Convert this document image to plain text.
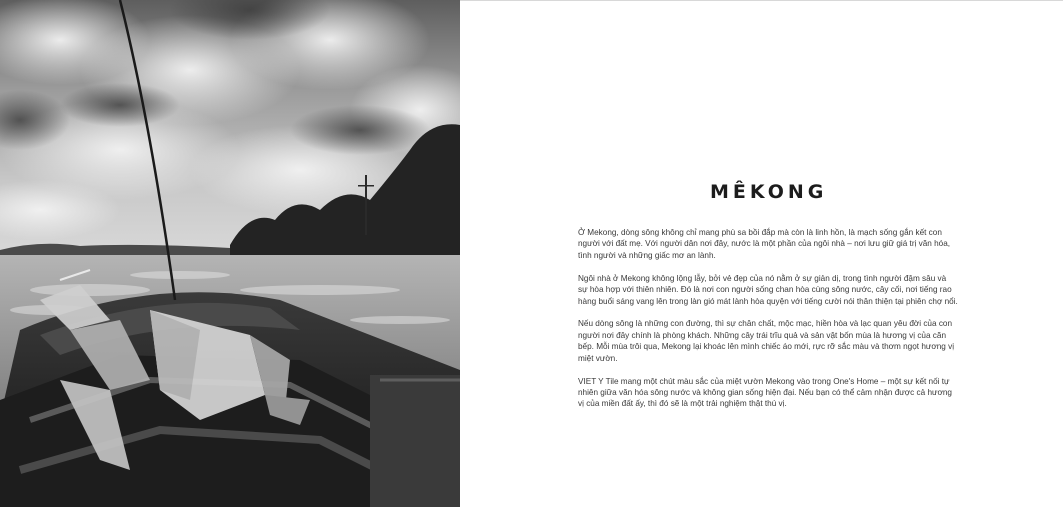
MÊKONG

Ở Mekong, dòng sông không chỉ mang phù sa bồi đắp mà còn là linh hồn, là mạch sống gắn kết con người với đất mẹ. Với người dân nơi đây, nước là một phần của ngôi nhà – nơi lưu giữ giá trị văn hóa, tình người và những giấc mơ an lành.

Ngôi nhà ở Mekong không lộng lẫy, bởi vẻ đẹp của nó nằm ở sự giản dị, trong tình người đậm sâu và sự hòa hợp với thiên nhiên. Đó là nơi con người sống chan hòa cùng sông nước, cây cối, nơi tiếng rao hàng buổi sáng vang lên trong làn gió mát lành hòa quyện với tiếng cười nói thân thiện tại phiên chợ nổi.

Nếu dòng sông là những con đường, thì sự chân chất, mộc mạc, hiền hòa và lạc quan yêu đời của con người nơi đây chính là phòng khách. Những cây trái trĩu quả và sản vật bốn mùa là hương vị của căn bếp. Mỗi mùa trôi qua, Mekong lại khoác lên mình chiếc áo mới, rực rỡ sắc màu và thơm ngọt hương vị miệt vườn.

VIET Y Tile mang một chút màu sắc của miệt vườn Mekong vào trong One's Home – một sự kết nối tự nhiên giữa văn hóa sông nước và không gian sống hiện đại. Nếu bạn có thể cảm nhận được cả hương vị của miền đất ấy, thì đó sẽ là một trải nghiệm thật thú vị.
